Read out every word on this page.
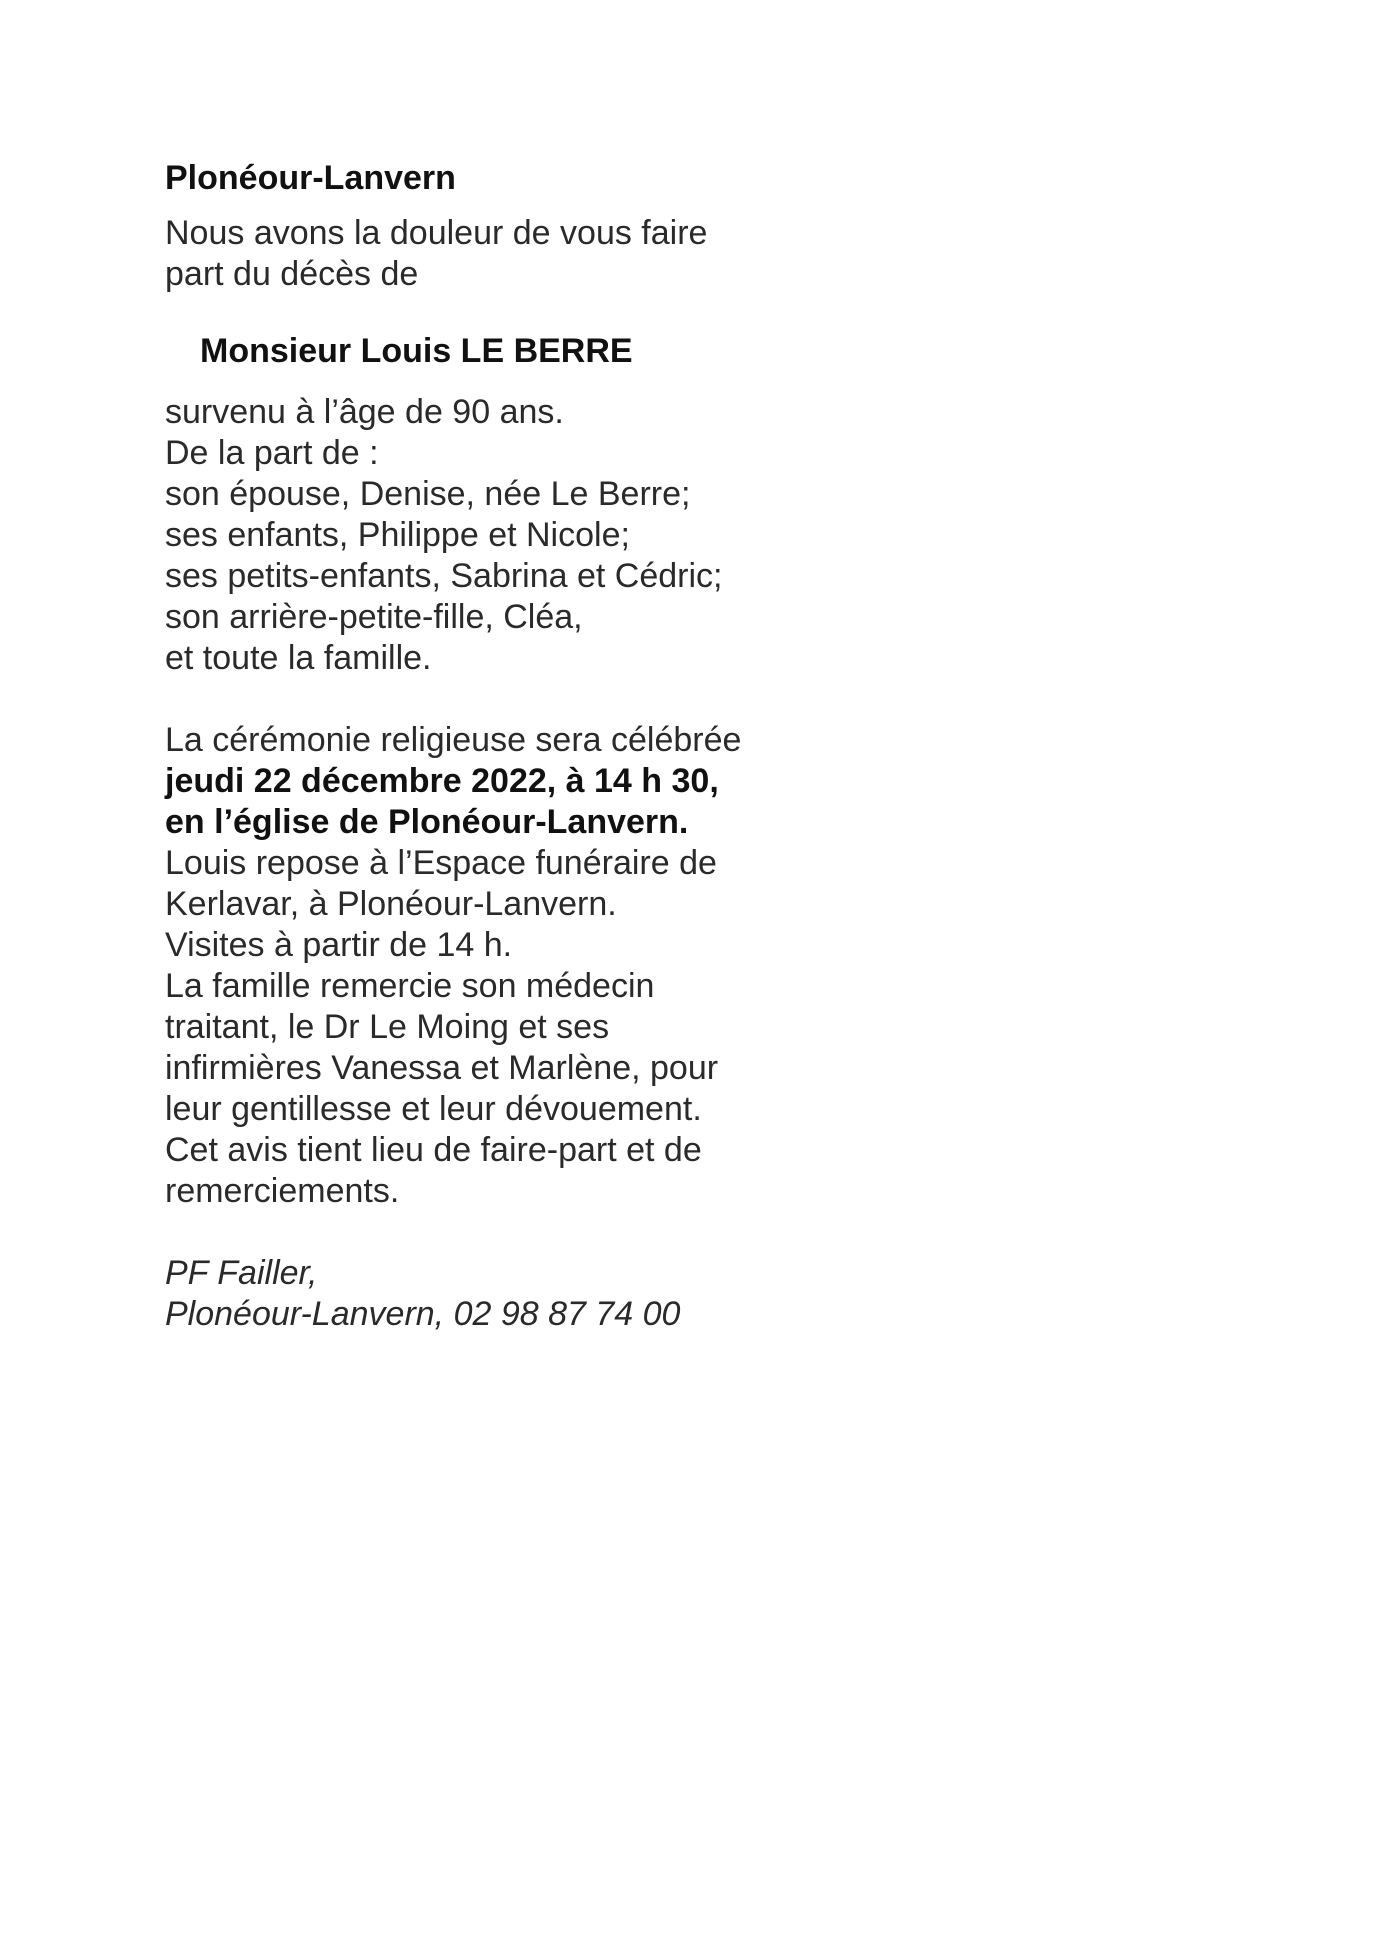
Plonéour-Lanvern
Nous avons la douleur de vous faire
part du décès de
Monsieur Louis LE BERRE
survenu à l’âge de 90 ans.
De la part de :
son épouse, Denise, née Le Berre;
ses enfants, Philippe et Nicole;
ses petits-enfants, Sabrina et Cédric;
son arrière-petite-fille, Cléa,
et toute la famille.
La cérémonie religieuse sera célébrée
jeudi 22 décembre 2022, à 14 h 30,
en l’église de Plonéour-Lanvern.
Louis repose à l’Espace funéraire de
Kerlavar, à Plonéour-Lanvern.
Visites à partir de 14 h.
La famille remercie son médecin
traitant, le Dr Le Moing et ses
infirmières Vanessa et Marlène, pour
leur gentillesse et leur dévouement.
Cet avis tient lieu de faire-part et de
remerciements.
PF Failler,
Plonéour-Lanvern, 02 98 87 74 00
